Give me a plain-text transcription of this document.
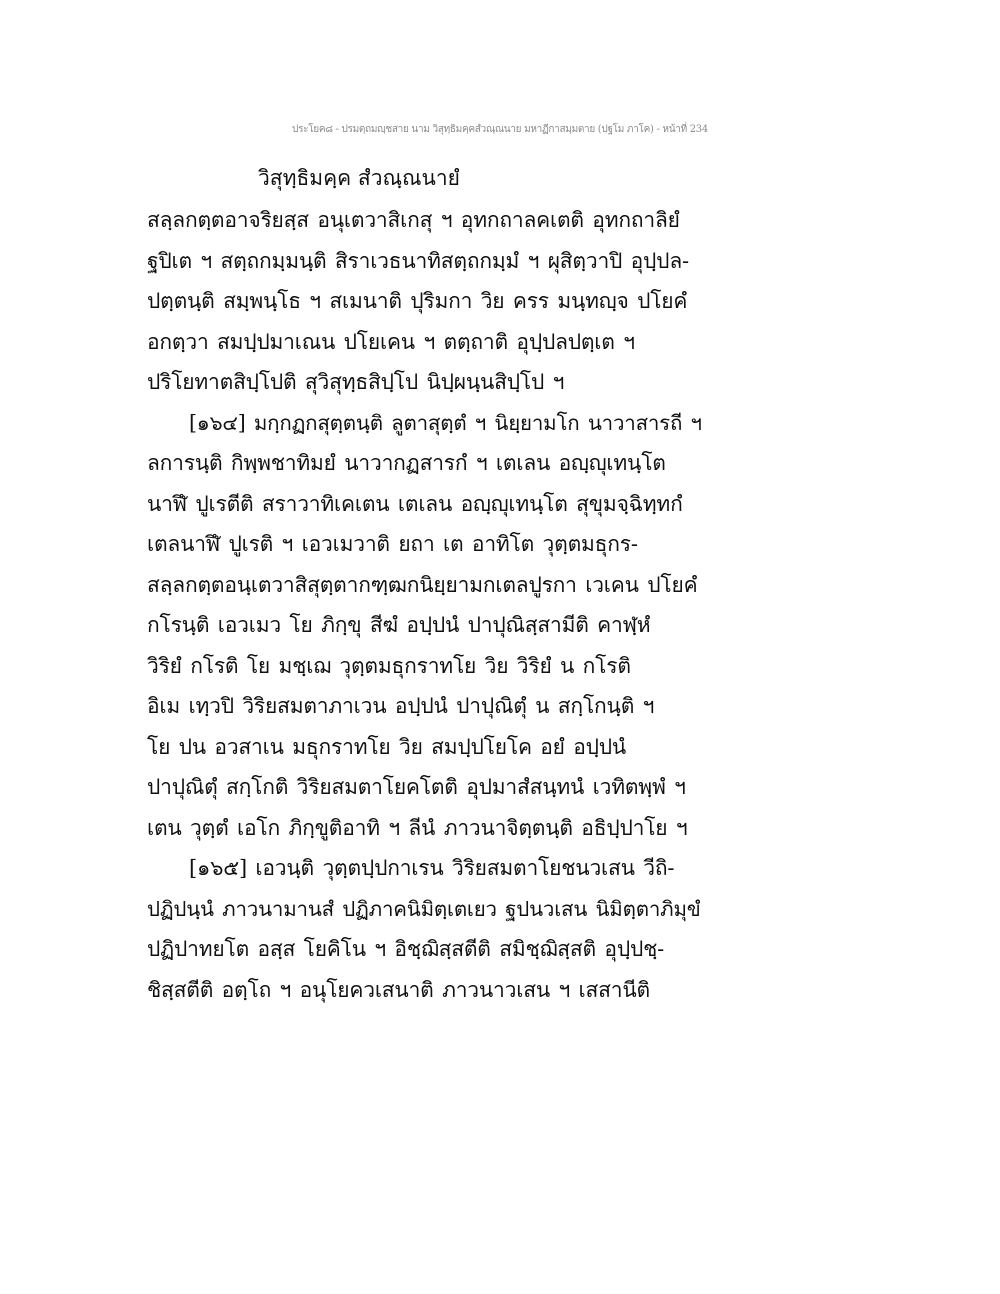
ประโยค๘ - ปรมตฺถมญฺชสาย นาม วิสุทฺธิมคฺคสํวณฺณนาย มหาฏีกาสมฺมตาย (ปฐโม ภาโค) - หน้าที่ 234
วิสุทฺธิมคฺค สํวณฺณนายํ
สลฺลกตฺตอาจริยสฺส อนุเตวาสิเกสุ ฯ อุทกถาลคเตติ อุทกถาลิยํ
ฐปิเต ฯ สตฺถกมฺมนฺติ สิราเวธนาทิสตฺถกมฺมํ ฯ ผุสิตฺวาปิ อุปฺปล-
ปตฺตนฺติ สมฺพนฺโธ ฯ สเมนาติ ปุริมกา วิย ครร มนฺทญฺจ ปโยคํ
อกตฺวา สมปฺปมาเณน ปโยเคน ฯ ตตฺถาติ อุปฺปลปตฺเต ฯ
ปริโยทาตสิปฺโปติ สุวิสุทฺธสิปฺโป นิปฺผนฺนสิปฺโป ฯ
[๑๖๔] มกฺกฏกสุตฺตนฺติ ลูตาสุตฺตํ ฯ นิยฺยามโก นาวาสารถี ฯ
ลการนฺติ กิพฺพชาทิมยํ นาวากฏสารกํ ฯ เตเลน อญฺญุเทนฺโต
นาฬึ ปูเรตีติ สราวาทิเคเตน เตเลน อญฺญุเทนฺโต สุขุมจฺฉิทฺทกํ
เตลนาฬึ ปูเรติ ฯ เอวเมวาติ ยถา เต อาทิโต วุตฺตมธุกร-
สลฺลกตฺตอนฺเตวาสิสุตฺตากฑฺฒกนิยฺยามกเตลปูรกา เวเคน ปโยคํ
กโรนฺติ เอวเมว โย ภิกฺขุ สีฆํ อปฺปนํ ปาปุณิสฺสามีติ คาฬฺหํ
วิริยํ กโรติ โย มชฺเฌ วุตฺตมธุกราทโย วิย วิริยํ น กโรติ
อิเม เทฺวปิ วิริยสมตาภาเวน อปฺปนํ ปาปุณิตุํ น สกฺโกนฺติ ฯ
โย ปน อวสาเน มธุกราทโย วิย สมปฺปโยโค อยํ อปฺปนํ
ปาปุณิตุํ สกฺโกติ วิริยสมตาโยคโตติ อุปมาสํสนฺทนํ เวทิตพฺพํ ฯ
เตน วุตฺตํ เอโก ภิกฺขูติอาทิ ฯ ลีนํ ภาวนาจิตฺตนฺติ อธิปฺปาโย ฯ
[๑๖๕] เอวนฺติ วุตฺตปฺปกาเรน วิริยสมตาโยชนวเสน วีถิ-
ปฏิปนฺนํ ภาวนามานสํ ปฏิภาคนิมิตฺเตเยว ฐปนวเสน นิมิตฺตาภิมุขํ
ปฏิปาทยโต อสฺส โยคิโน ฯ อิชฺฌิสฺสตีติ สมิชฺฌิสฺสติ อุปฺปชฺ-
ชิสฺสตีติ อตฺโถ ฯ อนุโยควเสนาติ ภาวนาวเสน ฯ เสสานีติ
